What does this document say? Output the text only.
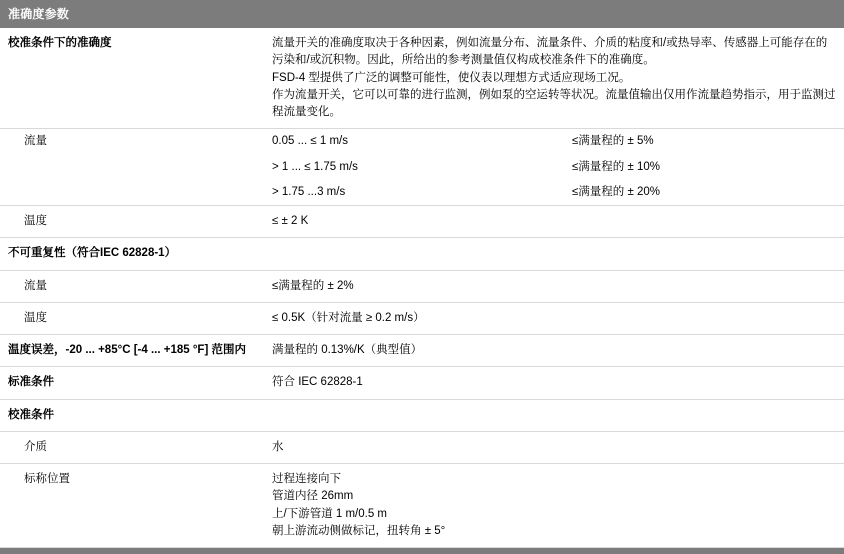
准确度参数		
校准条件下的准确度	流量开关的准确度取决于各种因素，例如流量分布、流量条件、介质的粘度和/或热导率、传感器上可能存在的污染和/或沉积物。因此，所给出的参考测量值仅构成校准条件下的准确度。
FSD-4 型提供了广泛的调整可能性，使仪表以理想方式适应现场工况。
作为流量开关，它可以可靠的进行监测，例如泵的空运转等状况。流量值输出仅用作流量趋势指示，用于监测过程流量变化。	

流量	0.05 ... ≤ 1 m/s	≤满量程的 ± 5%
	> 1 ... ≤ 1.75 m/s	≤满量程的 ± 10%
	> 1.75 ...3 m/s	≤满量程的 ± 20%
温度	≤ ± 2 K	
不可重复性（符合IEC 62828-1）		
流量	≤满量程的 ± 2%	
温度	≤ 0.5K（针对流量 ≥ 0.2 m/s）	
温度误差，-20 ... +85°C [-4 ... +185 °F] 范围内	满量程的 0.13%/K（典型值）	
标准条件	符合 IEC 62828-1	
校准条件		
介质	水	
标称位置	过程连接向下
管道内径 26mm
上/下游管道 1 m/0.5 m
朝上游流动侧做标记，扭转角 ± 5°	
